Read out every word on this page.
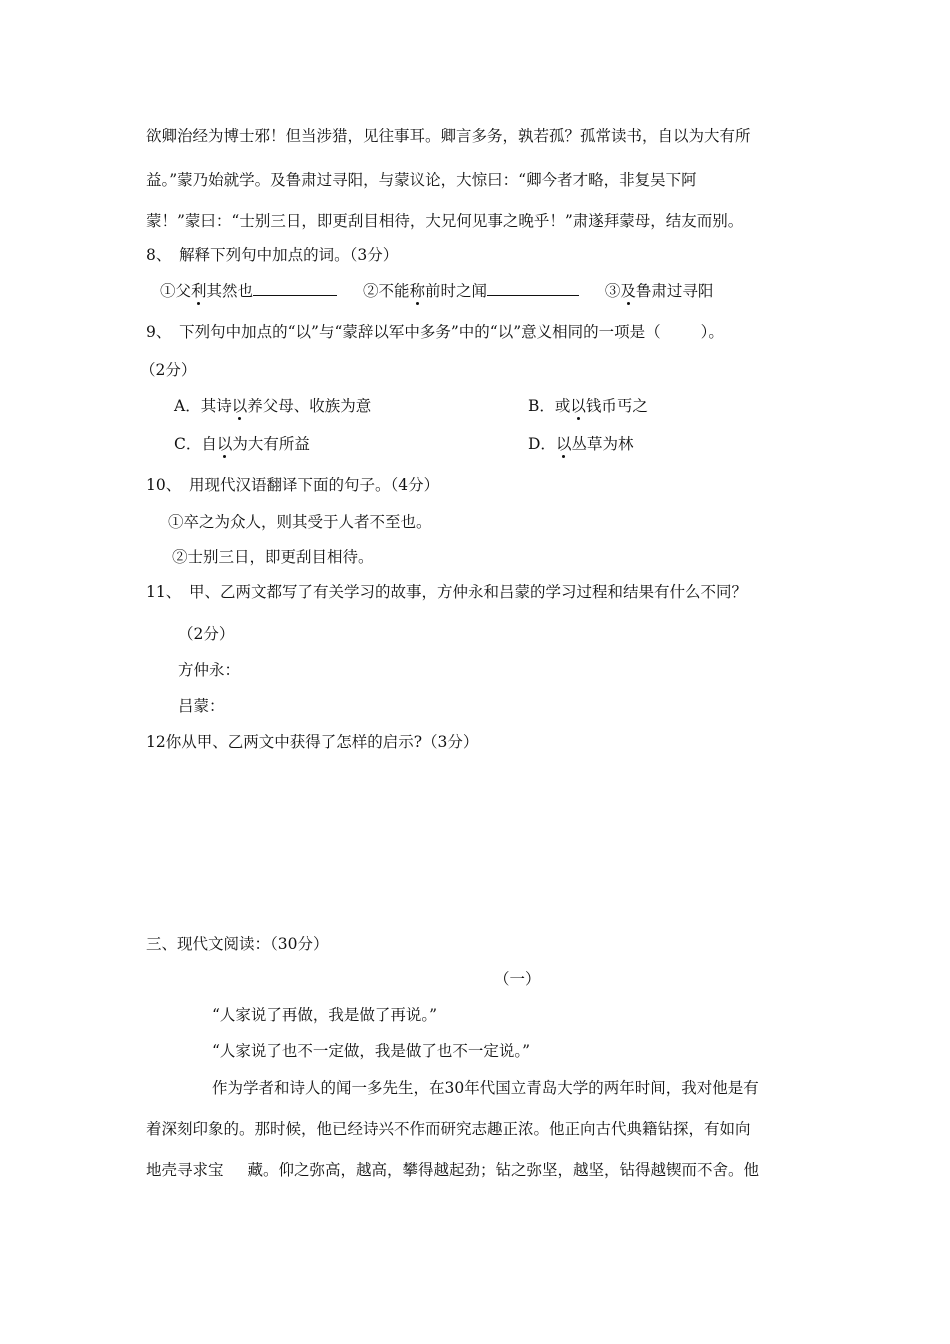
欲卿治经为博士邪！但当涉猎，见往事耳。卿言多务，孰若孤？孤常读书，自以为大有所
益。”蒙乃始就学。及鲁肃过寻阳，与蒙议论，大惊曰：“卿今者才略，非复吴下阿
蒙！”蒙曰：“士别三日，即更刮目相待，大兄何见事之晚乎！”肃遂拜蒙母，结友而别。
8、　解释下列句中加点的词。（3分）
①父利其然也	②不能称前时之闻	③及鲁肃过寻阳
9、　下列句中加点的“以”与“蒙辞以军中多务”中的“以”意义相同的一项是（	）。
（2分）
A．其诗以养父母、收族为意	B．或以钱币丐之
C．自以为大有所益	D．以丛草为林
10、　用现代汉语翻译下面的句子。（4分）
①卒之为众人，则其受于人者不至也。
②士别三日，即更刮目相待。
11、　甲、乙两文都写了有关学习的故事，方仲永和吕蒙的学习过程和结果有什么不同？
（2分）
方仲永：
吕蒙：
12你从甲、乙两文中获得了怎样的启示?（3分）
三、现代文阅读：（30分）
（一）
“人家说了再做，我是做了再说。”
“人家说了也不一定做，我是做了也不一定说。”
作为学者和诗人的闻一多先生，在30年代国立青岛大学的两年时间，我对他是有
着深刻印象的。那时候，他已经诗兴不作而研究志趣正浓。他正向古代典籍钻探，有如向
地壳寻求宝 藏。仰之弥高，越高，攀得越起劲；钻之弥坚，越坚，钻得越锲而不舍。他
